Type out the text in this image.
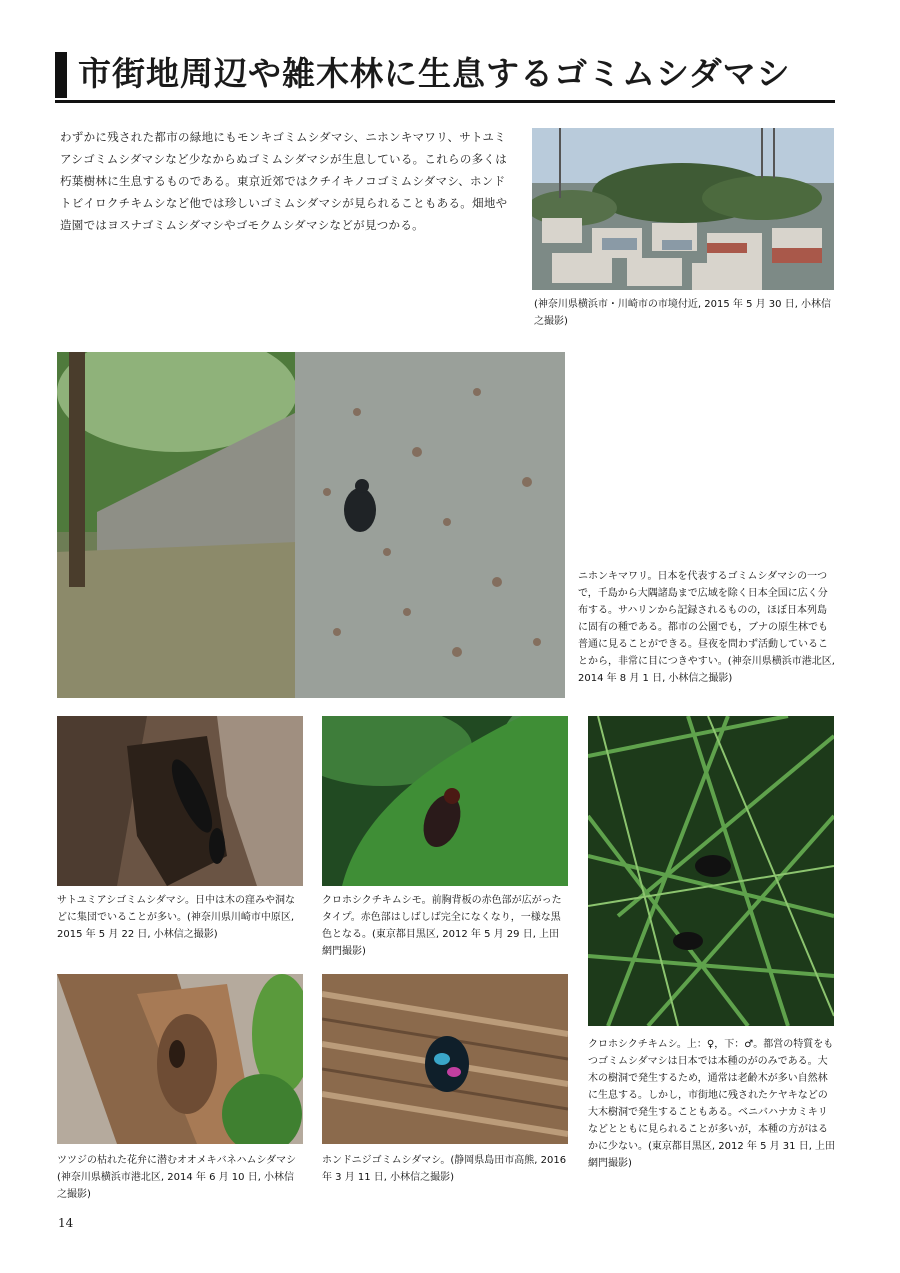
市街地周辺や雑木林に生息するゴミムシダマシ
わずかに残された都市の緑地にもモンキゴミムシダマシ、ニホンキマワリ、サトユミアシゴミムシダマシなど少なからぬゴミムシダマシが生息している。これらの多くは朽葉樹林に生息するものである。東京近郊ではクチイキノコゴミムシダマシ、ホンドトビイロクチキムシなど他では珍しいゴミムシダマシが見られることもある。畑地や造園ではヨスナゴミムシダマシやゴモクムシダマシなどが見つかる。
(神奈川県横浜市・川崎市の市境付近, 2015 年 5 月 30 日, 小林信之撮影)
ニホンキマワリ。日本を代表するゴミムシダマシの一つで，千島から大隅諸島まで広域を除く日本全国に広く分布する。サハリンから記録されるものの，ほぼ日本列島に固有の種である。都市の公園でも，ブナの原生林でも普通に見ることができる。昼夜を問わず活動していることから，非常に目につきやすい。(神奈川県横浜市港北区, 2014 年 8 月 1 日, 小林信之撮影)
サトユミアシゴミムシダマシ。日中は木の窪みや洞などに集団でいることが多い。(神奈川県川崎市中原区, 2015 年 5 月 22 日, 小林信之撮影)
クロホシクチキムシモ。前胸背板の赤色部が広がったタイプ。赤色部はしばしば完全になくなり，一様な黒色となる。(東京都目黒区, 2012 年 5 月 29 日, 上田網門撮影)
クロホシクチキムシ。上：♀，下：♂。都営の特質をもつゴミムシダマシは日本では本種のがのみである。大木の樹洞で発生するため，通常は老齢木が多い自然林に生息する。しかし，市街地に残されたケヤキなどの大木樹洞で発生することもある。ベニバハナカミキリなどとともに見られることが多いが，本種の方がはるかに少ない。(東京都目黒区, 2012 年 5 月 31 日, 上田網門撮影)
ツツジの枯れた花弁に潜むオオメキバネハムシダマシ (神奈川県横浜市港北区, 2014 年 6 月 10 日, 小林信之撮影)
ホンドニジゴミムシダマシ。(静岡県島田市高熊, 2016 年 3 月 11 日, 小林信之撮影)
14
